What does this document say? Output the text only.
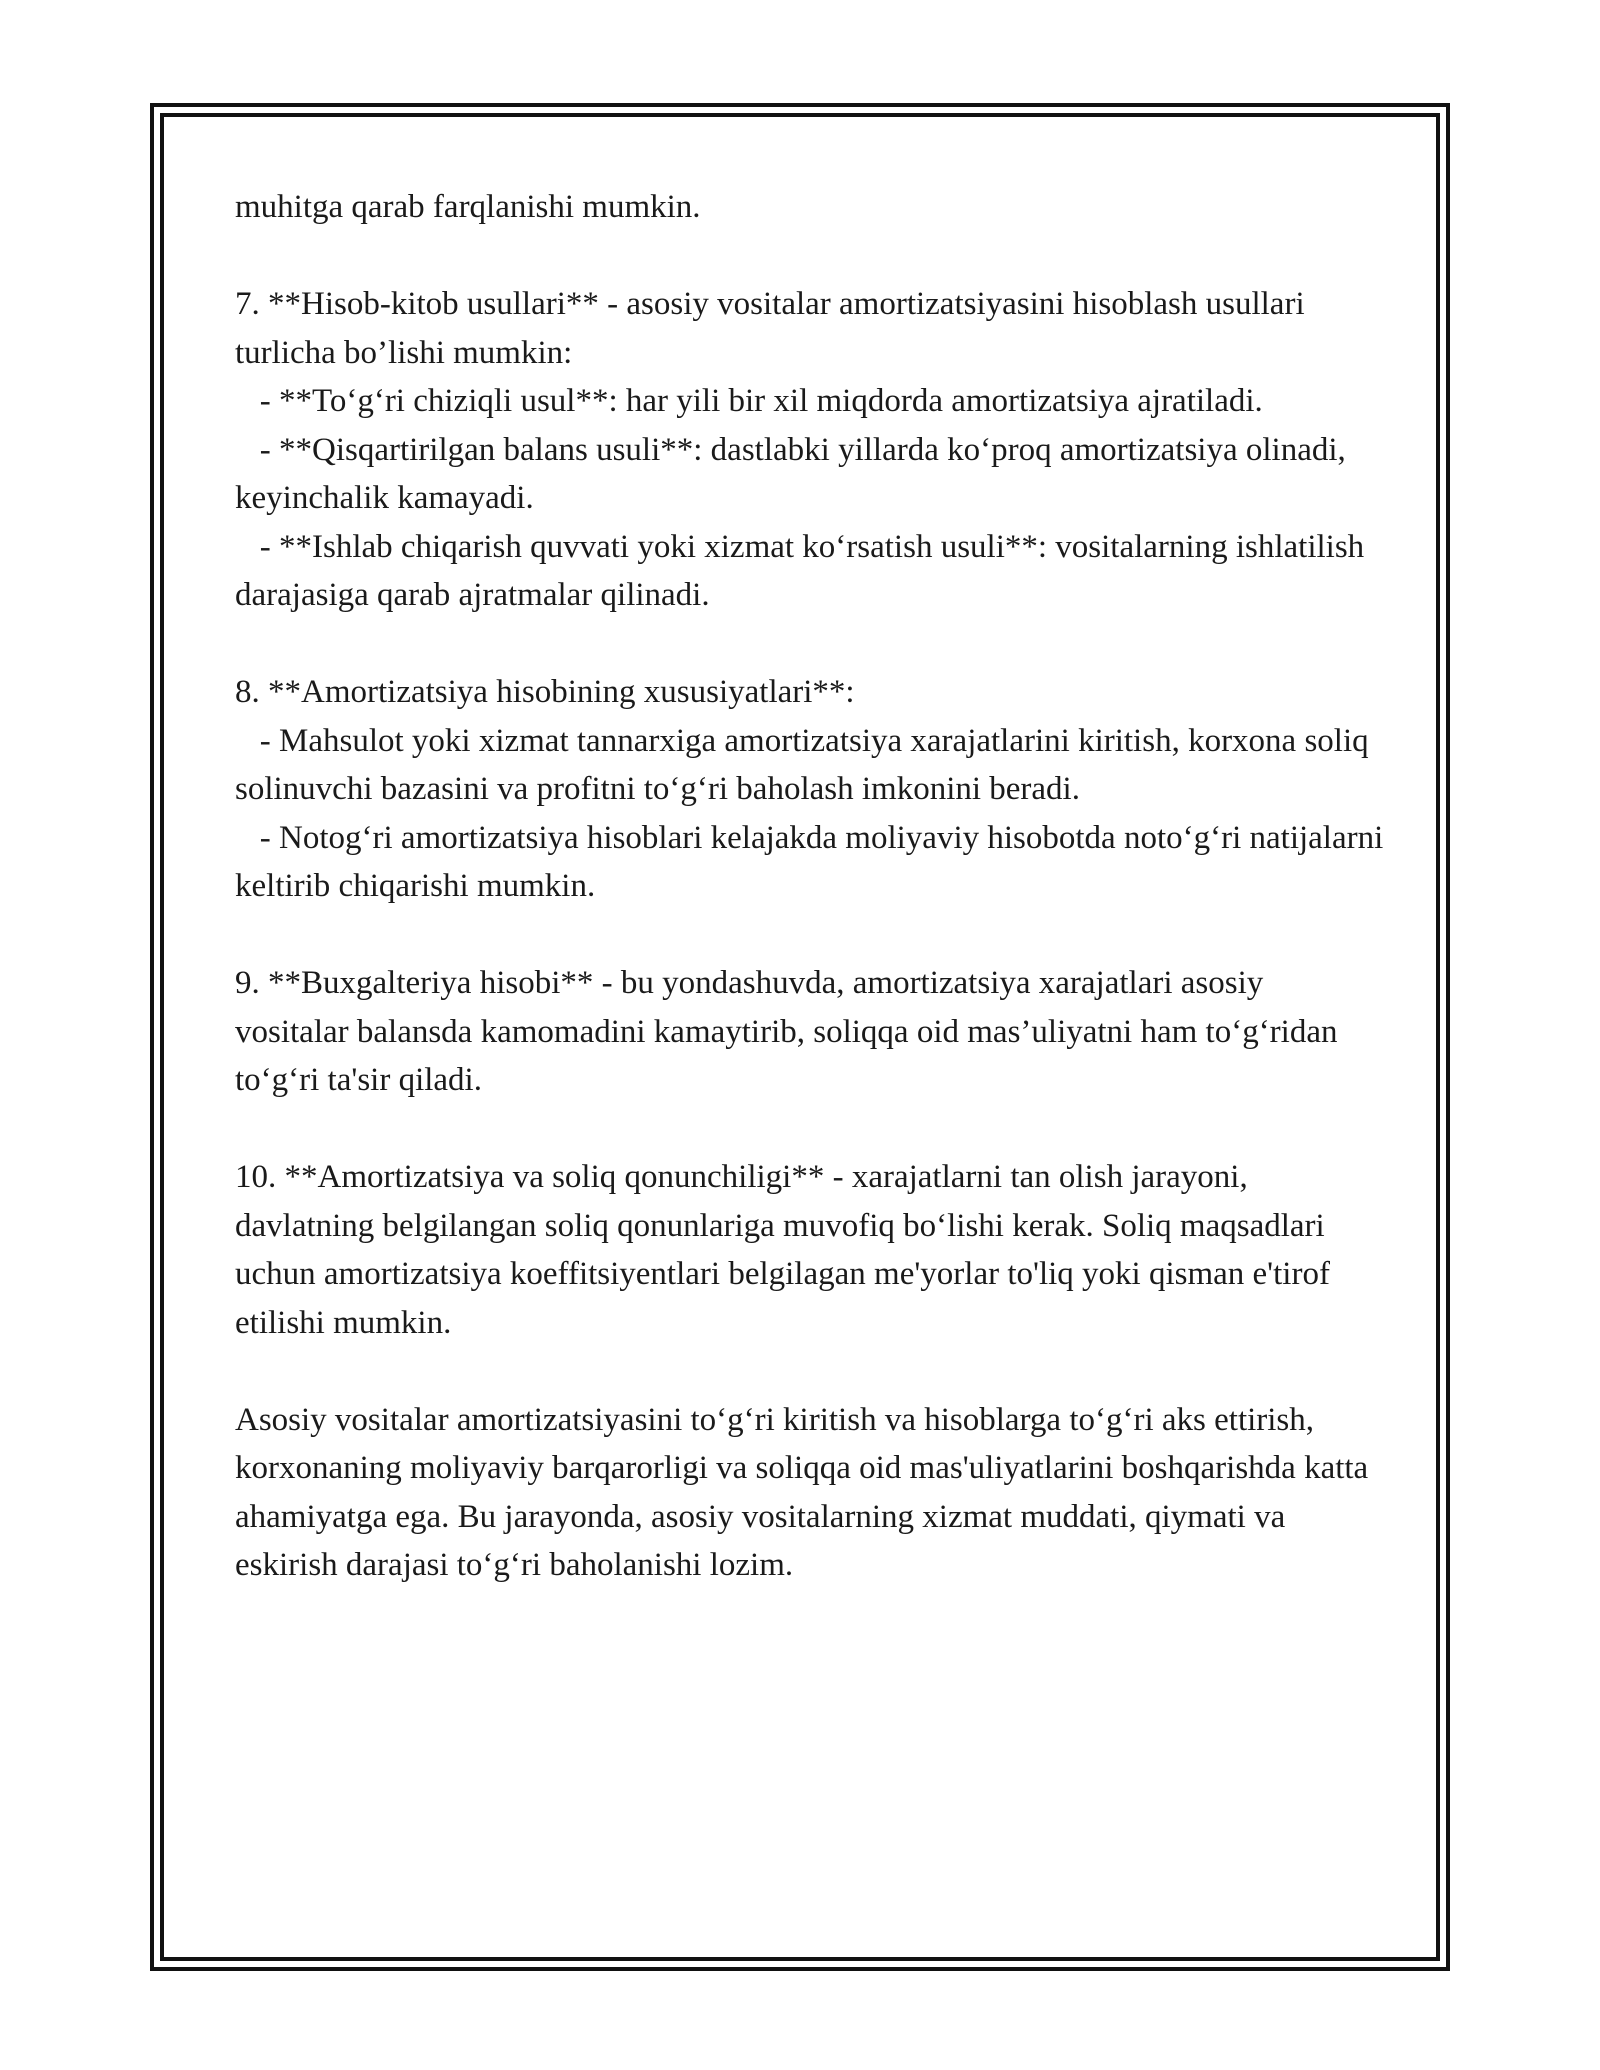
muhitga qarab farqlanishi mumkin.

7. **Hisob-kitob usullari** - asosiy vositalar amortizatsiyasini hisoblash usullari turlicha bo’lishi mumkin:

- **To‘g‘ri chiziqli usul**: har yili bir xil miqdorda amortizatsiya ajratiladi.

- **Qisqartirilgan balans usuli**: dastlabki yillarda ko‘proq amortizatsiya olinadi, keyinchalik kamayadi.

- **Ishlab chiqarish quvvati yoki xizmat ko‘rsatish usuli**: vositalarning ishlatilish darajasiga qarab ajratmalar qilinadi.

8. **Amortizatsiya hisobining xususiyatlari**:

- Mahsulot yoki xizmat tannarxiga amortizatsiya xarajatlarini kiritish, korxona soliq solinuvchi bazasini va profitni to‘g‘ri baholash imkonini beradi.

- Notog‘ri amortizatsiya hisoblari kelajakda moliyaviy hisobotda noto‘g‘ri natijalarni keltirib chiqarishi mumkin.

9. **Buxgalteriya hisobi** - bu yondashuvda, amortizatsiya xarajatlari asosiy vositalar balansda kamomadini kamaytirib, soliqqa oid mas’uliyatni ham to‘g‘ridan to‘g‘ri ta'sir qiladi.

10. **Amortizatsiya va soliq qonunchiligi** - xarajatlarni tan olish jarayoni, davlatning belgilangan soliq qonunlariga muvofiq bo‘lishi kerak. Soliq maqsadlari uchun amortizatsiya koeffitsiyentlari belgilagan me'yorlar to'liq yoki qisman e'tirof etilishi mumkin.

Asosiy vositalar amortizatsiyasini to‘g‘ri kiritish va hisoblarga to‘g‘ri aks ettirish, korxonaning moliyaviy barqarorligi va soliqqa oid mas'uliyatlarini boshqarishda katta ahamiyatga ega. Bu jarayonda, asosiy vositalarning xizmat muddati, qiymati va eskirish darajasi to‘g‘ri baholanishi lozim.
